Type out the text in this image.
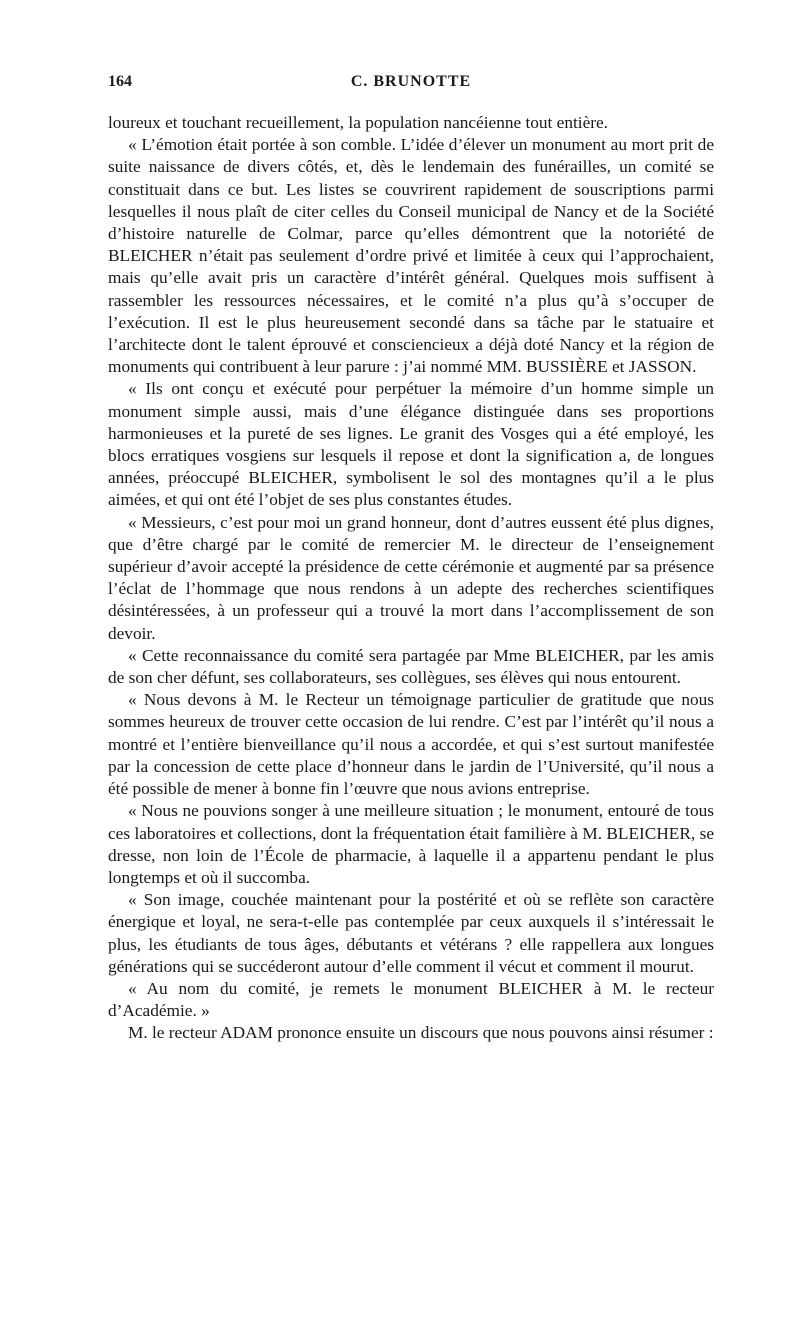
164	C. BRUNOTTE

loureux et touchant recueillement, la population nancéienne tout entière.

« L’émotion était portée à son comble. L’idée d’élever un monument au mort prit de suite naissance de divers côtés, et, dès le lendemain des funérailles, un comité se constituait dans ce but. Les listes se couvrirent rapidement de souscriptions parmi lesquelles il nous plaît de citer celles du Conseil municipal de Nancy et de la Société d’histoire naturelle de Colmar, parce qu’elles démontrent que la notoriété de BLEICHER n’était pas seulement d’ordre privé et limitée à ceux qui l’approchaient, mais qu’elle avait pris un caractère d’intérêt général. Quelques mois suffisent à rassembler les ressources nécessaires, et le comité n’a plus qu’à s’occuper de l’exécution. Il est le plus heureusement secondé dans sa tâche par le statuaire et l’architecte dont le talent éprouvé et consciencieux a déjà doté Nancy et la région de monuments qui contribuent à leur parure : j’ai nommé MM. BUSSIÈRE et JASSON.

« Ils ont conçu et exécuté pour perpétuer la mémoire d’un homme simple un monument simple aussi, mais d’une élégance distinguée dans ses proportions harmonieuses et la pureté de ses lignes. Le granit des Vosges qui a été employé, les blocs erratiques vosgiens sur lesquels il repose et dont la signification a, de longues années, préoccupé BLEICHER, symbolisent le sol des montagnes qu’il a le plus aimées, et qui ont été l’objet de ses plus constantes études.

« Messieurs, c’est pour moi un grand honneur, dont d’autres eussent été plus dignes, que d’être chargé par le comité de remercier M. le directeur de l’enseignement supérieur d’avoir accepté la présidence de cette cérémonie et augmenté par sa présence l’éclat de l’hommage que nous rendons à un adepte des recherches scientifiques désintéressées, à un professeur qui a trouvé la mort dans l’accomplissement de son devoir.

« Cette reconnaissance du comité sera partagée par Mme BLEICHER, par les amis de son cher défunt, ses collaborateurs, ses collègues, ses élèves qui nous entourent.

« Nous devons à M. le Recteur un témoignage particulier de gratitude que nous sommes heureux de trouver cette occasion de lui rendre. C’est par l’intérêt qu’il nous a montré et l’entière bienveillance qu’il nous a accordée, et qui s’est surtout manifestée par la concession de cette place d’honneur dans le jardin de l’Université, qu’il nous a été possible de mener à bonne fin l’œuvre que nous avions entreprise.

« Nous ne pouvions songer à une meilleure situation ; le monument, entouré de tous ces laboratoires et collections, dont la fréquentation était familière à M. BLEICHER, se dresse, non loin de l’École de pharmacie, à laquelle il a appartenu pendant le plus longtemps et où il succomba.

« Son image, couchée maintenant pour la postérité et où se reflète son caractère énergique et loyal, ne sera-t-elle pas contemplée par ceux auxquels il s’intéressait le plus, les étudiants de tous âges, débutants et vétérans ? elle rappellera aux longues générations qui se succéderont autour d’elle comment il vécut et comment il mourut.

« Au nom du comité, je remets le monument BLEICHER à M. le recteur d’Académie. »

M. le recteur ADAM prononce ensuite un discours que nous pouvons ainsi résumer :
